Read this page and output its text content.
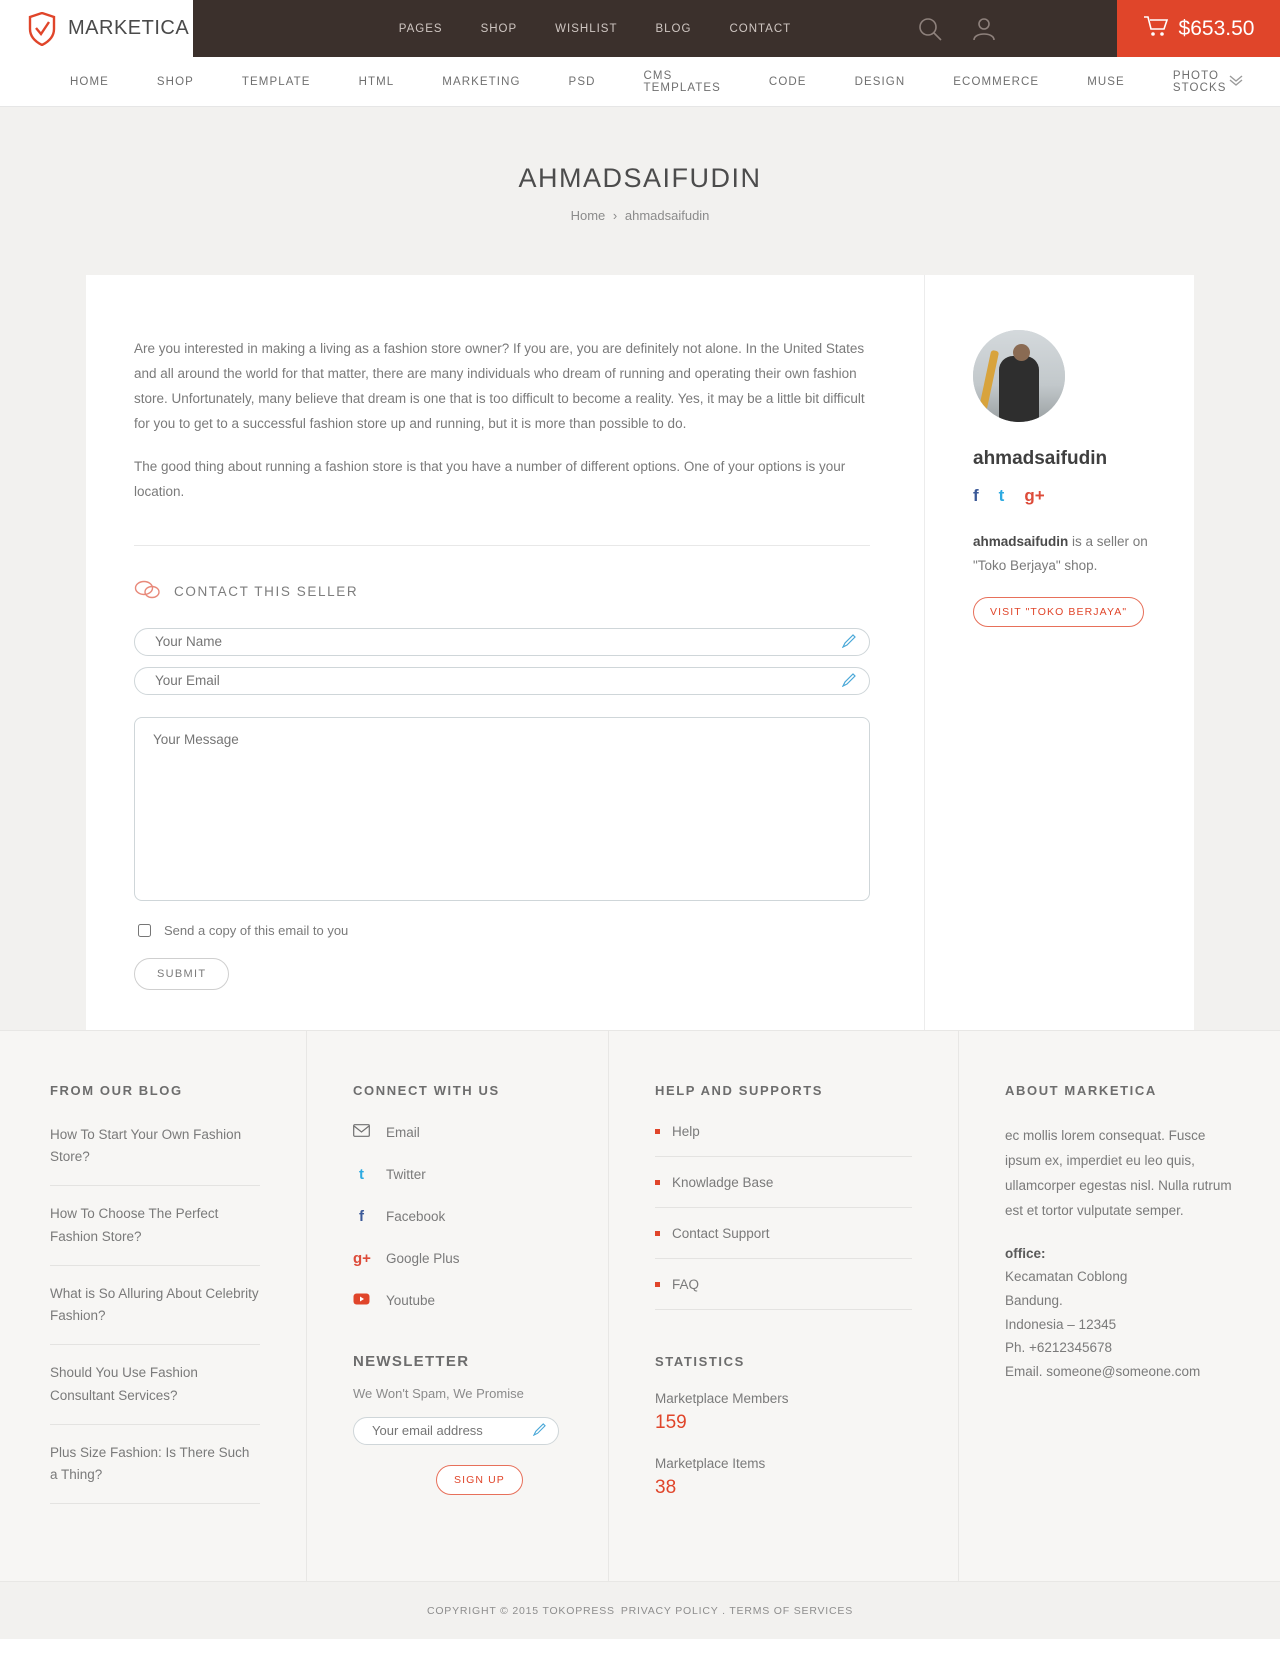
MARKETICA	PAGES	SHOP	WISHLIST	BLOG	CONTACT	$653.50
HOME	SHOP	TEMPLATE	HTML	MARKETING	PSD	CMS TEMPLATES	CODE	DESIGN	ECOMMERCE	MUSE	PHOTO STOCKS
AHMADSAIFUDIN
Home › ahmadsaifudin

Are you interested in making a living as a fashion store owner? If you are, you are definitely not alone. In the United States and all around the world for that matter, there are many individuals who dream of running and operating their own fashion store. Unfortunately, many believe that dream is one that is too difficult to become a reality. Yes, it may be a little bit difficult for you to get to a successful fashion store up and running, but it is more than possible to do.

The good thing about running a fashion store is that you have a number of different options. One of your options is your location.

CONTACT THIS SELLER
Your Name
Your Email
Your Message
Send a copy of this email to you
SUBMIT
ahmadsaifudin
f t g+

ahmadsaifudin is a seller on "Toko Berjaya" shop.

VISIT "TOKO BERJAYA"
FROM OUR BLOG
How To Start Your Own Fashion Store?
How To Choose The Perfect Fashion Store?
What is So Alluring About Celebrity Fashion?
Should You Use Fashion Consultant Services?
Plus Size Fashion: Is There Such a Thing?
CONNECT WITH US
Email
t	Twitter
f	Facebook
g+ Google Plus
Youtube
NEWSLETTER
We Won't Spam, We Promise
Your email address
SIGN UP
HELP AND SUPPORTS
Help
Knowladge Base
Contact Support
FAQ
STATISTICS
Marketplace Members
159
Marketplace Items
38
ABOUT MARKETICA

ec mollis lorem consequat. Fusce ipsum ex, imperdiet eu leo quis, ullamcorper egestas nisl. Nulla rutrum est et tortor vulputate semper.

office:
Kecamatan Coblong
Bandung.
Indonesia – 12345
Ph. +6212345678
Email. someone@someone.com
COPYRIGHT © 2015 TOKOPRESS PRIVACY POLICY . TERMS OF SERVICES
